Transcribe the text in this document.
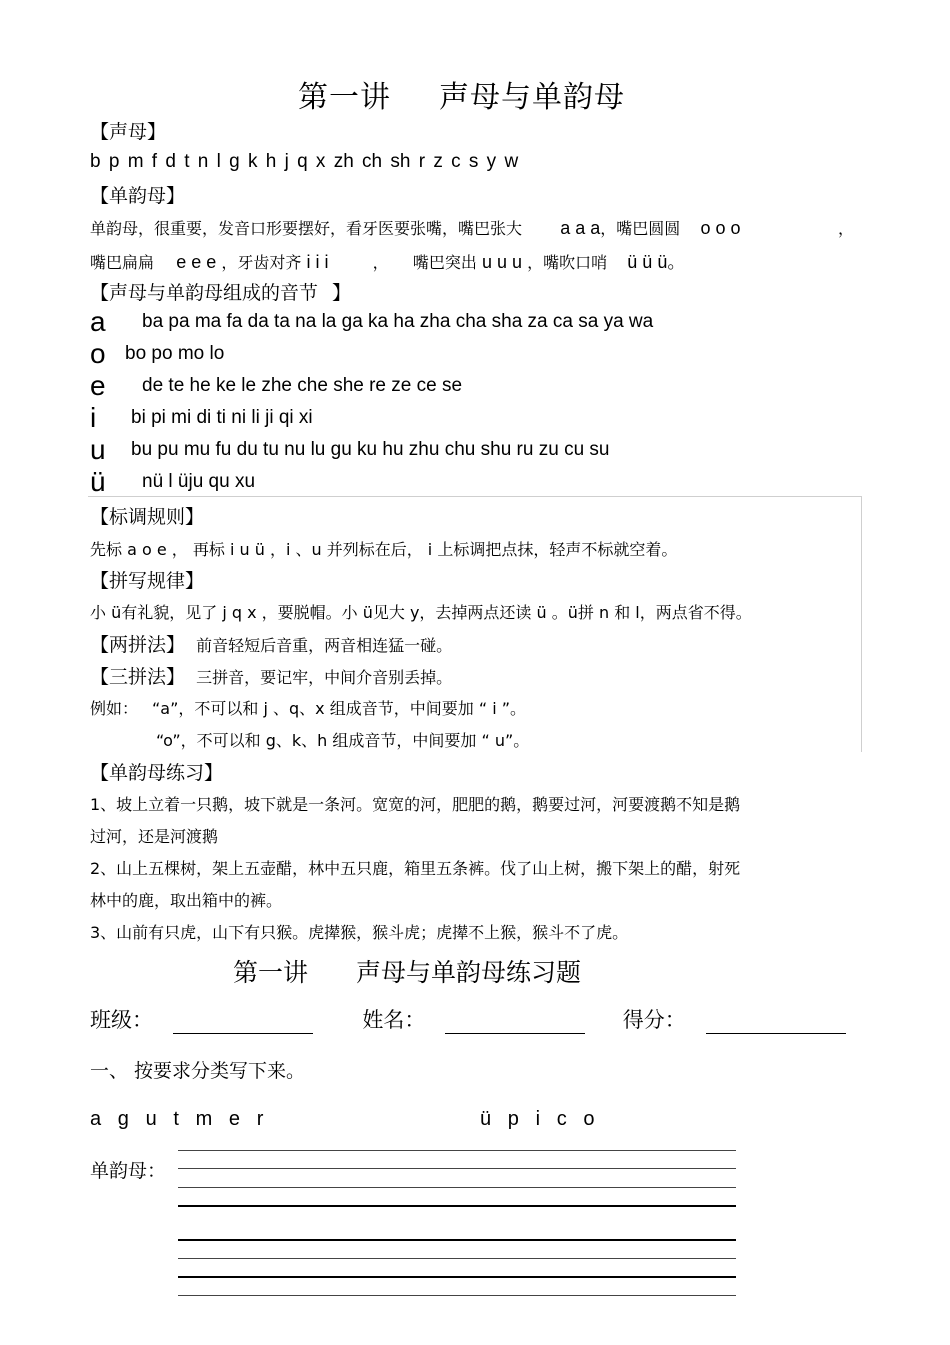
第一讲 声母与单韵母
【声母】
b p m f d t n l g k h j q x zh ch sh r z c s y w
【单韵母】
单韵母，很重要，发音口形要摆好，看牙医要张嘴，嘴巴张大 a a a，嘴巴圆圆 o o o	，
嘴巴扁扁 e e e ，牙齿对齐 i i i	， 嘴巴突出 u u u ，嘴吹口哨 ü ü ü。
【声母与单韵母组成的音节 】
a ba pa ma fa da ta na la ga ka ha zha cha sha za ca sa ya wa
o bo po mo lo
e de te he ke le zhe che she re ze ce se
i bi pi mi di ti ni li ji qi xi
u bu pu mu fu du tu nu lu gu ku hu zhu chu shu ru zu cu su
ü nü l üju qu xu
【标调规则】
先标 a o e ， 再标 i u ü ，i 、u 并列标在后， i 上标调把点抹，轻声不标就空着。
【拼写规律】
小 ü有礼貌，见了 j q x ，要脱帽。小 ü见大 y，去掉两点还读 ü 。ü拼 n 和 l，两点省不得。
【两拼法】 前音轻短后音重，两音相连猛一碰。
【三拼法】 三拼音，要记牢，中间介音别丢掉。
例如： “a”，不可以和 j 、q、x 组成音节，中间要加 “ i ”。
“o”，不可以和 g、k、h 组成音节，中间要加 “ u”。
【单韵母练习】
1、坡上立着一只鹅，坡下就是一条河。宽宽的河，肥肥的鹅，鹅要过河，河要渡鹅不知是鹅
过河，还是河渡鹅
2、山上五棵树，架上五壶醋，林中五只鹿，箱里五条裤。伐了山上树，搬下架上的醋，射死
林中的鹿，取出箱中的裤。
3、山前有只虎，山下有只猴。虎撵猴，猴斗虎；虎撵不上猴，猴斗不了虎。
第一讲 声母与单韵母练习题
班级：	姓名：	得分：
一、 按要求分类写下来。
a   g   u   t   m   e   r	ü   p   i   c   o
单韵母：
